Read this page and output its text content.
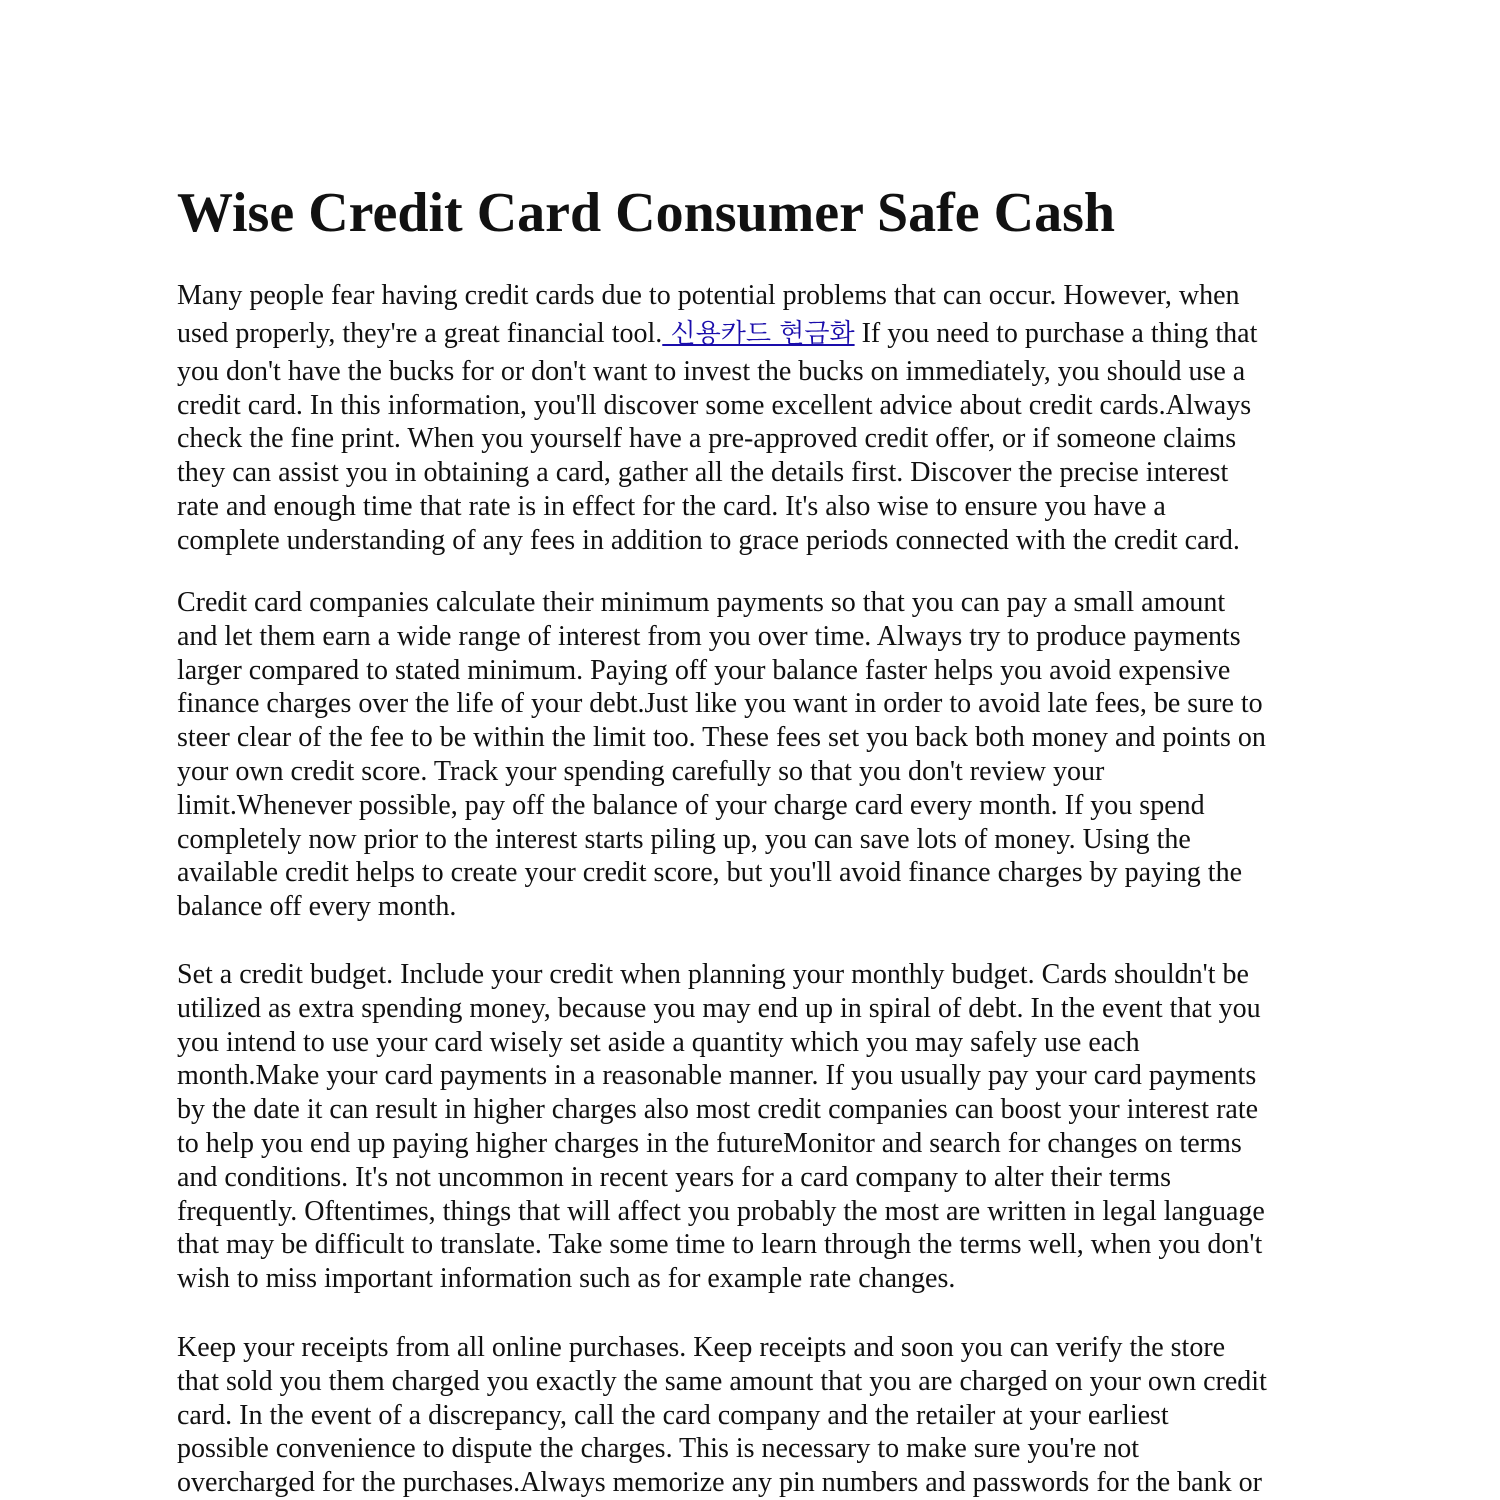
Wise Credit Card Consumer Safe Cash

Many people fear having credit cards due to potential problems that can occur. However, when
used properly, they're a great financial tool. 신용카드 현금화 If you need to purchase a thing that
you don't have the bucks for or don't want to invest the bucks on immediately, you should use a
credit card. In this information, you'll discover some excellent advice about credit cards.Always
check the fine print. When you yourself have a pre-approved credit offer, or if someone claims
they can assist you in obtaining a card, gather all the details first. Discover the precise interest
rate and enough time that rate is in effect for the card. It's also wise to ensure you have a
complete understanding of any fees in addition to grace periods connected with the credit card.

Credit card companies calculate their minimum payments so that you can pay a small amount
and let them earn a wide range of interest from you over time. Always try to produce payments
larger compared to stated minimum. Paying off your balance faster helps you avoid expensive
finance charges over the life of your debt.Just like you want in order to avoid late fees, be sure to
steer clear of the fee to be within the limit too. These fees set you back both money and points on
your own credit score. Track your spending carefully so that you don't review your
limit.Whenever possible, pay off the balance of your charge card every month. If you spend
completely now prior to the interest starts piling up, you can save lots of money. Using the
available credit helps to create your credit score, but you'll avoid finance charges by paying the
balance off every month.

Set a credit budget. Include your credit when planning your monthly budget. Cards shouldn't be
utilized as extra spending money, because you may end up in spiral of debt. In the event that you
you intend to use your card wisely set aside a quantity which you may safely use each
month.Make your card payments in a reasonable manner. If you usually pay your card payments
by the date it can result in higher charges also most credit companies can boost your interest rate
to help you end up paying higher charges in the futureMonitor and search for changes on terms
and conditions. It's not uncommon in recent years for a card company to alter their terms
frequently. Oftentimes, things that will affect you probably the most are written in legal language
that may be difficult to translate. Take some time to learn through the terms well, when you don't
wish to miss important information such as for example rate changes.

Keep your receipts from all online purchases. Keep receipts and soon you can verify the store
that sold you them charged you exactly the same amount that you are charged on your own credit
card. In the event of a discrepancy, call the card company and the retailer at your earliest
possible convenience to dispute the charges. This is necessary to make sure you're not
overcharged for the purchases.Always memorize any pin numbers and passwords for the bank or
